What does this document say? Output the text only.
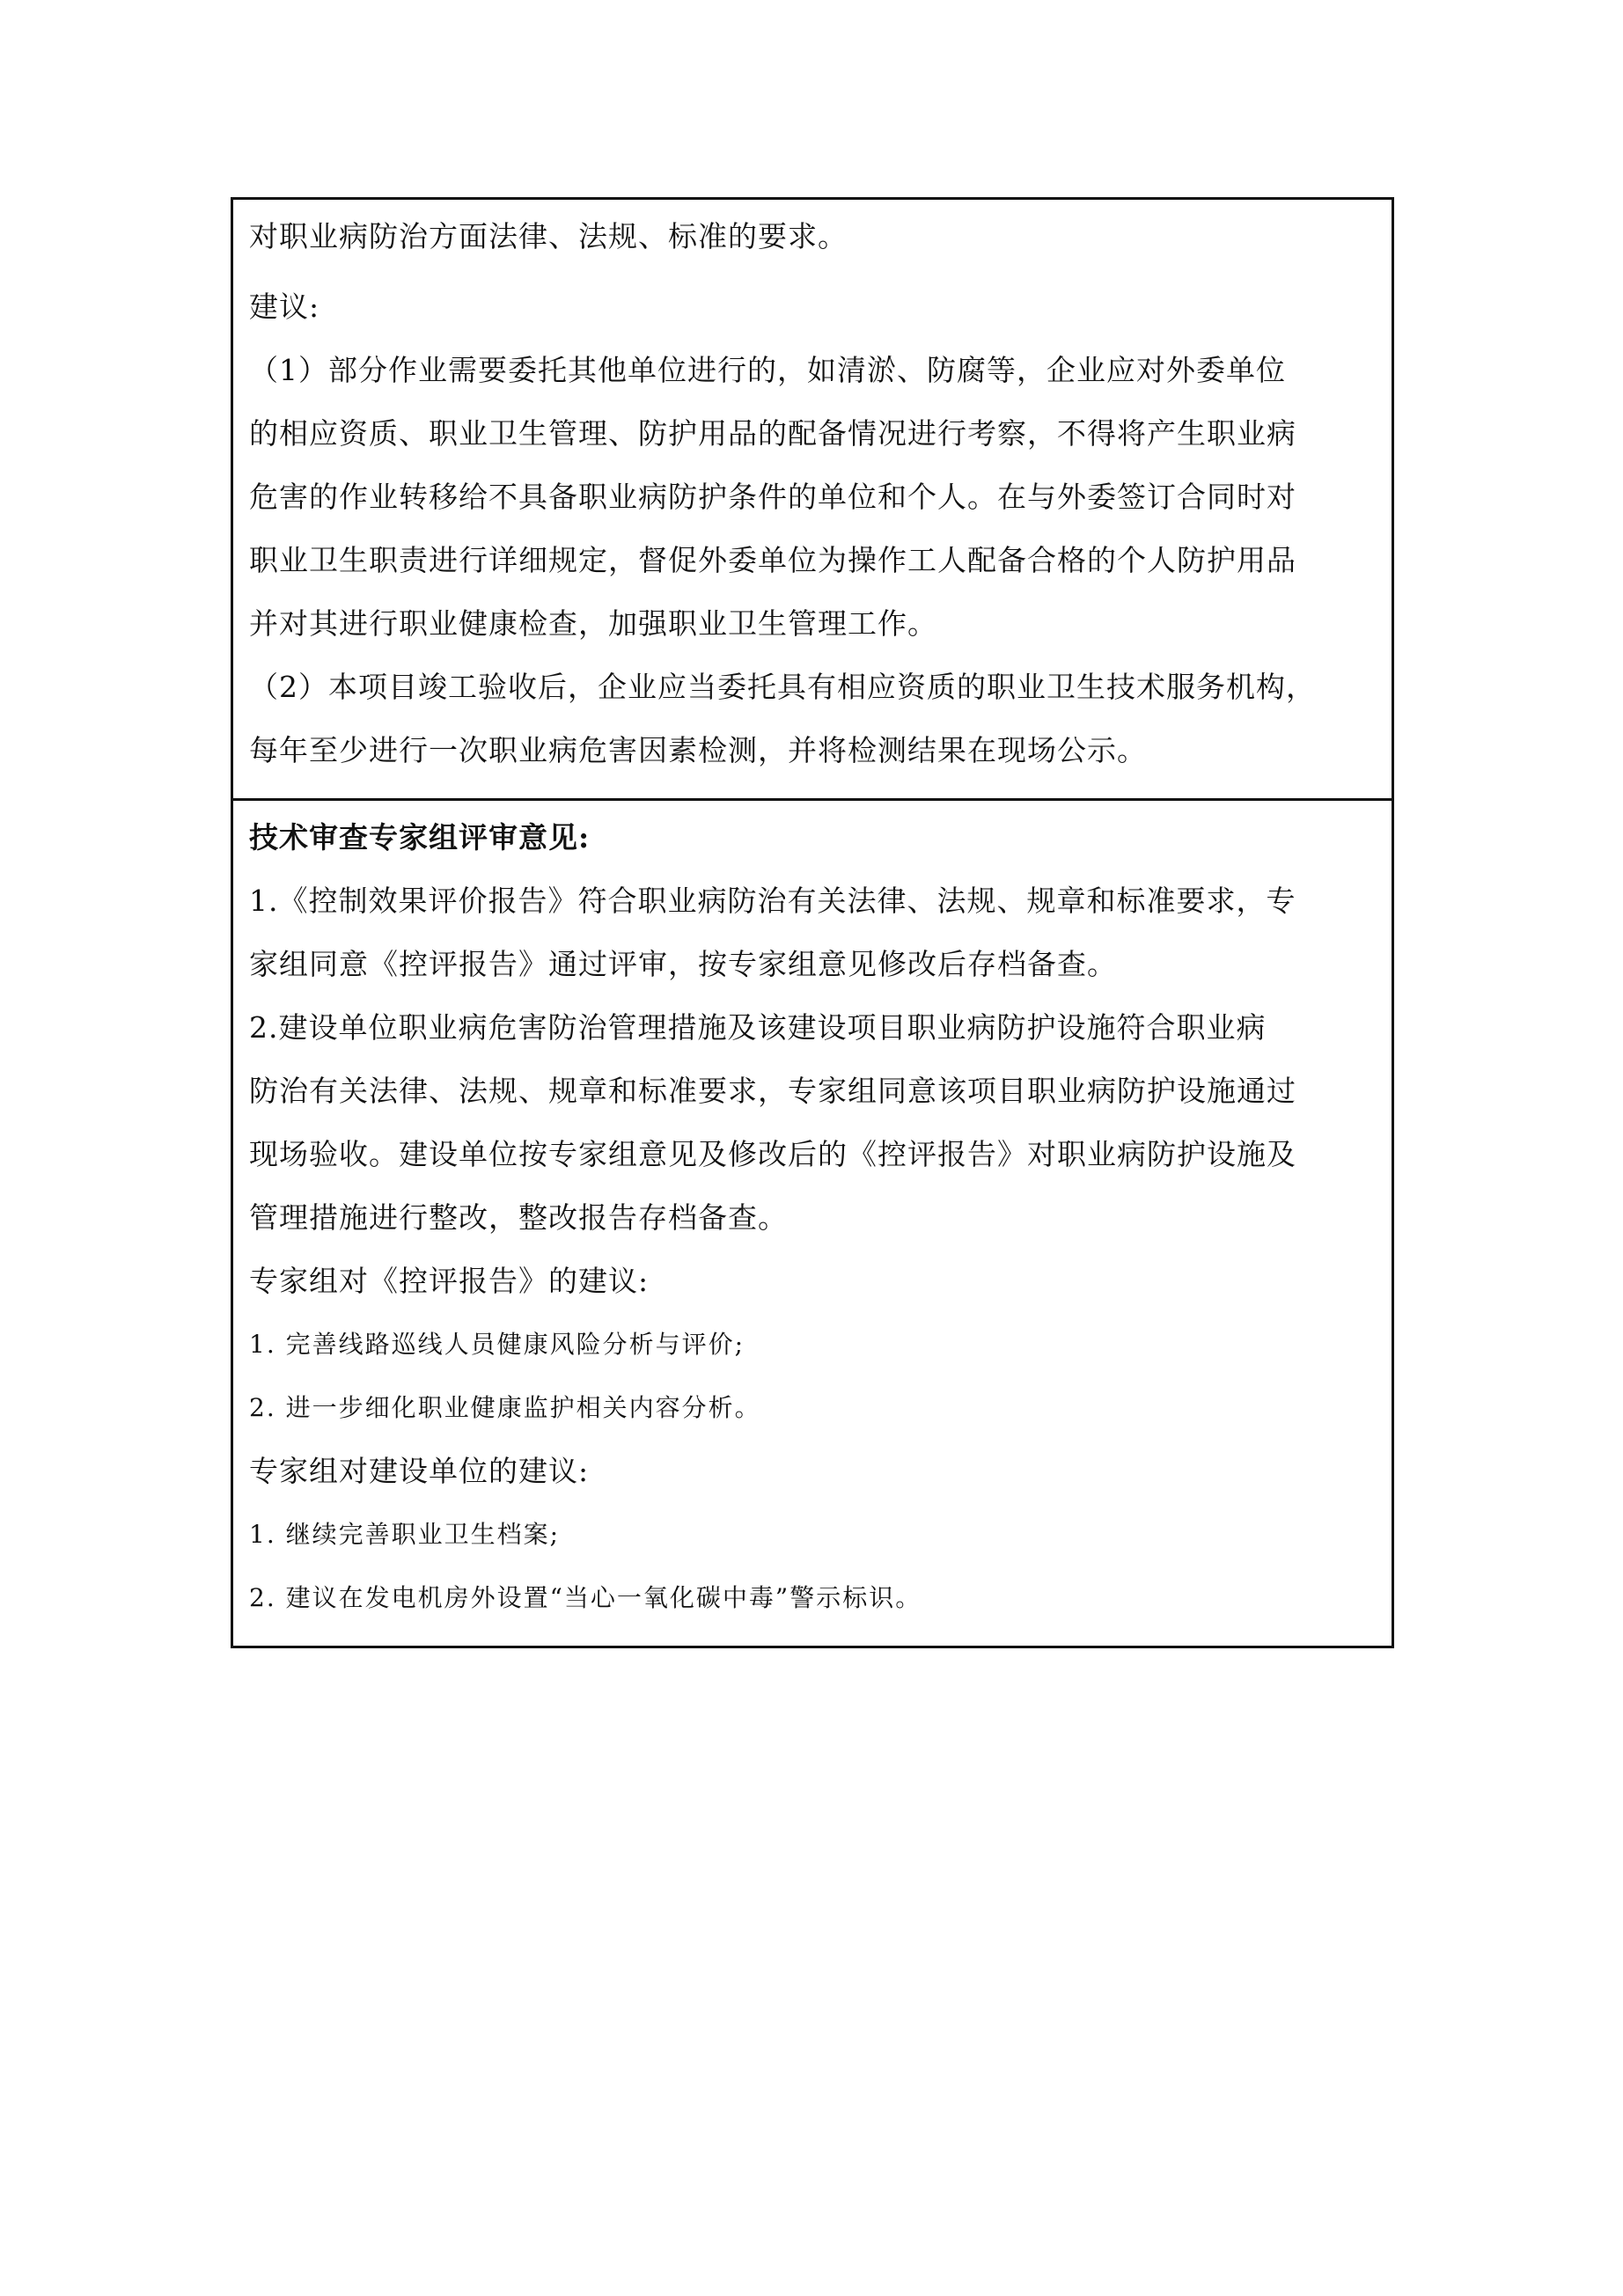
对职业病防治方面法律、法规、标准的要求。
建议:
（1）部分作业需要委托其他单位进行的，如清淤、防腐等，企业应对外委单位
的相应资质、职业卫生管理、防护用品的配备情况进行考察，不得将产生职业病
危害的作业转移给不具备职业病防护条件的单位和个人。在与外委签订合同时对
职业卫生职责进行详细规定，督促外委单位为操作工人配备合格的个人防护用品
并对其进行职业健康检查，加强职业卫生管理工作。
（2）本项目竣工验收后，企业应当委托具有相应资质的职业卫生技术服务机构，
每年至少进行一次职业病危害因素检测，并将检测结果在现场公示。

技术审查专家组评审意见:
1.《控制效果评价报告》符合职业病防治有关法律、法规、规章和标准要求，专
家组同意《控评报告》通过评审，按专家组意见修改后存档备查。
2.建设单位职业病危害防治管理措施及该建设项目职业病防护设施符合职业病
防治有关法律、法规、规章和标准要求，专家组同意该项目职业病防护设施通过
现场验收。建设单位按专家组意见及修改后的《控评报告》对职业病防护设施及
管理措施进行整改，整改报告存档备查。
专家组对《控评报告》的建议:
1. 完善线路巡线人员健康风险分析与评价;
2. 进一步细化职业健康监护相关内容分析。
专家组对建设单位的建议:
1. 继续完善职业卫生档案;
2. 建议在发电机房外设置“当心一氧化碳中毒”警示标识。
